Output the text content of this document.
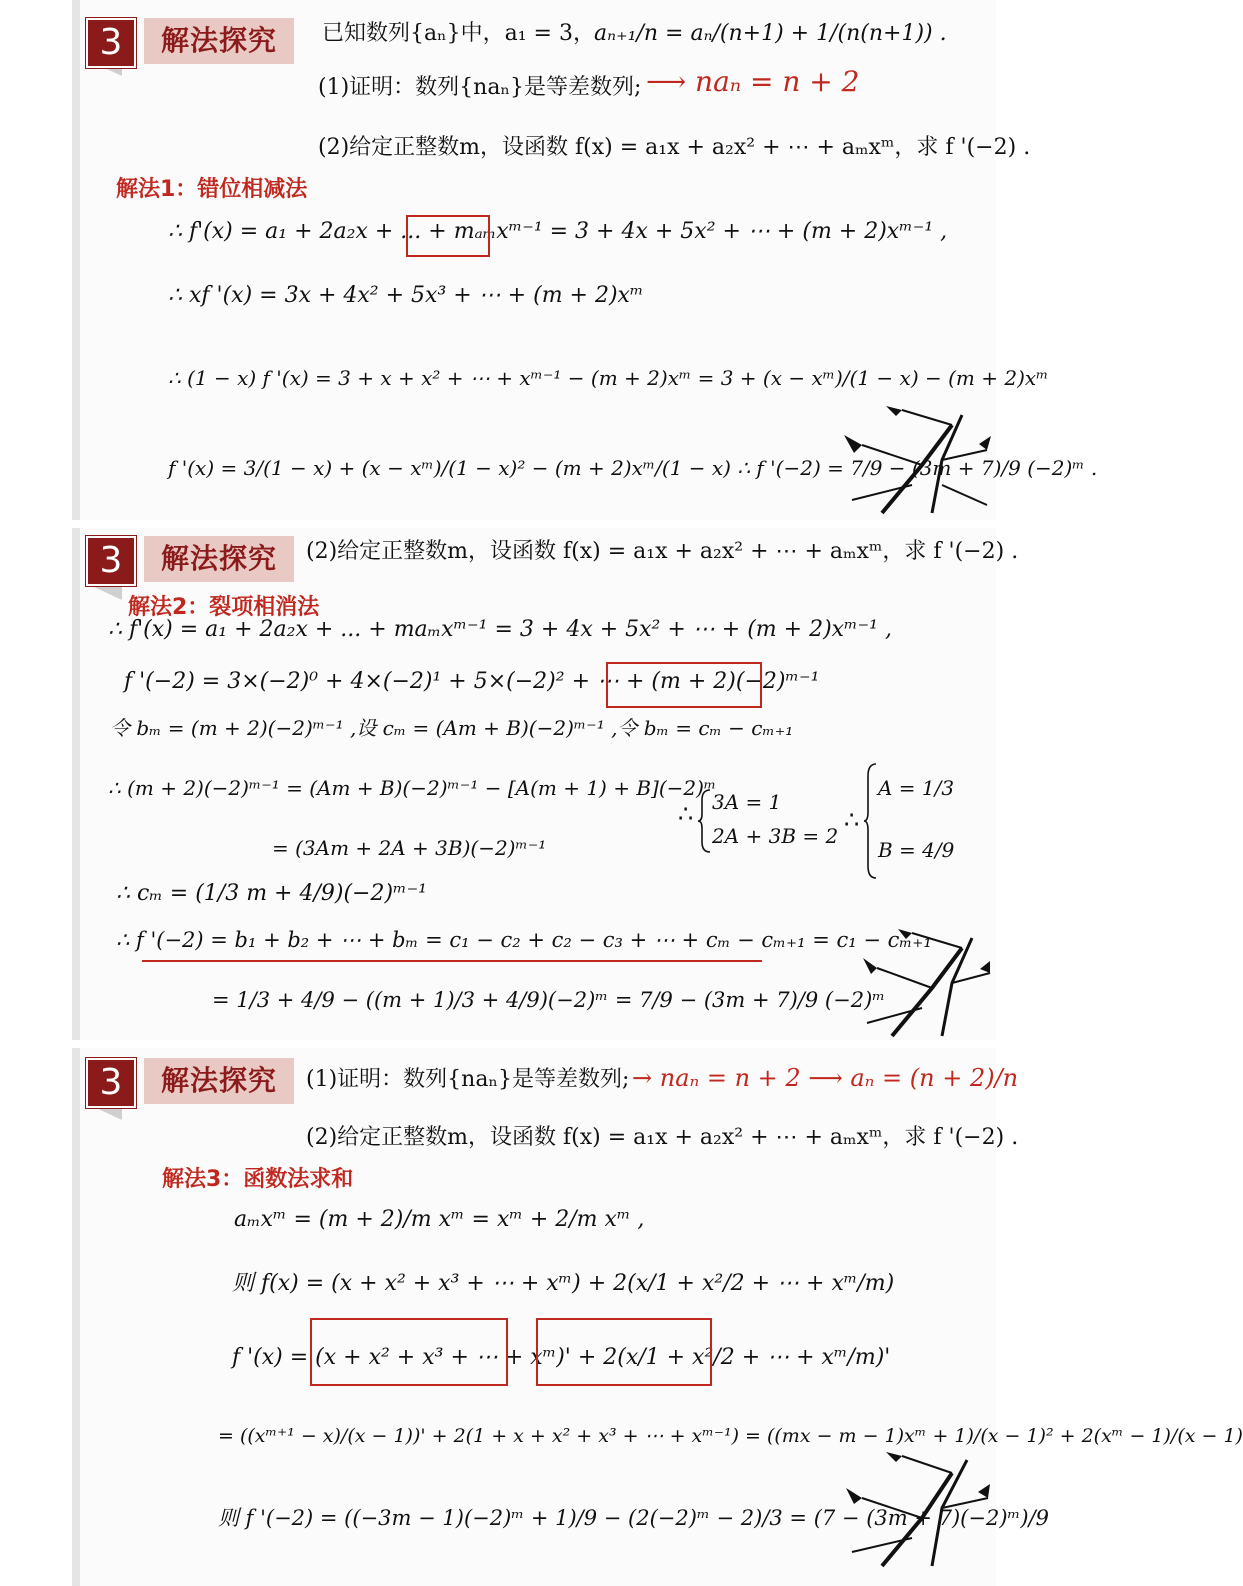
3	解法探究	已知数列{aₙ}中，a₁ = 3， aₙ₊₁/n = aₙ/(n+1) + 1/(n(n+1)) .
(1)证明：数列{naₙ}是等差数列; ⟶ naₙ = n + 2
(2)给定正整数m，设函数 f(x) = a₁x + a₂x² + ⋯ + aₘxᵐ，求 f '(−2) .
解法1：错位相减法
∴ f'(x) = a₁ + 2a₂x + ... + mₐₘxᵐ⁻¹ = 3 + 4x + 5x² + ⋯ + (m + 2)xᵐ⁻¹ ,
∴ xf '(x) = 3x + 4x² + 5x³ + ⋯ + (m + 2)xᵐ
∴ (1 − x) f '(x) = 3 + x + x² + ⋯ + xᵐ⁻¹ − (m + 2)xᵐ = 3 + (x − xᵐ)/(1 − x) − (m + 2)xᵐ
f '(x) = 3/(1 − x) + (x − xᵐ)/(1 − x)² − (m + 2)xᵐ/(1 − x) ∴ f '(−2) = 7/9 − (3m + 7)/9 (−2)ᵐ .
3	解法探究	(2)给定正整数m，设函数 f(x) = a₁x + a₂x² + ⋯ + aₘxᵐ，求 f '(−2) .
解法2：裂项相消法
∴ f'(x) = a₁ + 2a₂x + ... + maₘxᵐ⁻¹ = 3 + 4x + 5x² + ⋯ + (m + 2)xᵐ⁻¹ ,
f '(−2) = 3×(−2)⁰ + 4×(−2)¹ + 5×(−2)² + ⋯ + (m + 2)(−2)ᵐ⁻¹
令 bₘ = (m + 2)(−2)ᵐ⁻¹ ,设 cₘ = (Am + B)(−2)ᵐ⁻¹ ,令 bₘ = cₘ − cₘ₊₁
∴ (m + 2)(−2)ᵐ⁻¹ = (Am + B)(−2)ᵐ⁻¹ − [A(m + 1) + B](−2)ᵐ
= (3Am + 2A + 3B)(−2)ᵐ⁻¹
∴ 3A = 1
2A + 3B = 2
∴
A = 1/3
B = 4/9
∴ cₘ = (1/3 m + 4/9)(−2)ᵐ⁻¹
∴ f '(−2) = b₁ + b₂ + ⋯ + bₘ = c₁ − c₂ + c₂ − c₃ + ⋯ + cₘ − cₘ₊₁ = c₁ − cₘ₊₁
= 1/3 + 4/9 − ((m + 1)/3 + 4/9)(−2)ᵐ = 7/9 − (3m + 7)/9 (−2)ᵐ
3	解法探究	(1)证明：数列{naₙ}是等差数列; → naₙ = n + 2 ⟶ aₙ = (n + 2)/n
(2)给定正整数m，设函数 f(x) = a₁x + a₂x² + ⋯ + aₘxᵐ，求 f '(−2) .
解法3：函数法求和
aₘxᵐ = (m + 2)/m xᵐ = xᵐ + 2/m xᵐ ,
则 f(x) = (x + x² + x³ + ⋯ + xᵐ) + 2(x/1 + x²/2 + ⋯ + xᵐ/m)
f '(x) = (x + x² + x³ + ⋯ + xᵐ)' + 2(x/1 + x²/2 + ⋯ + xᵐ/m)'
= ((xᵐ⁺¹ − x)/(x − 1))' + 2(1 + x + x² + x³ + ⋯ + xᵐ⁻¹) = ((mx − m − 1)xᵐ + 1)/(x − 1)² + 2(xᵐ − 1)/(x − 1)
则 f '(−2) = ((−3m − 1)(−2)ᵐ + 1)/9 − (2(−2)ᵐ − 2)/3 = (7 − (3m + 7)(−2)ᵐ)/9
